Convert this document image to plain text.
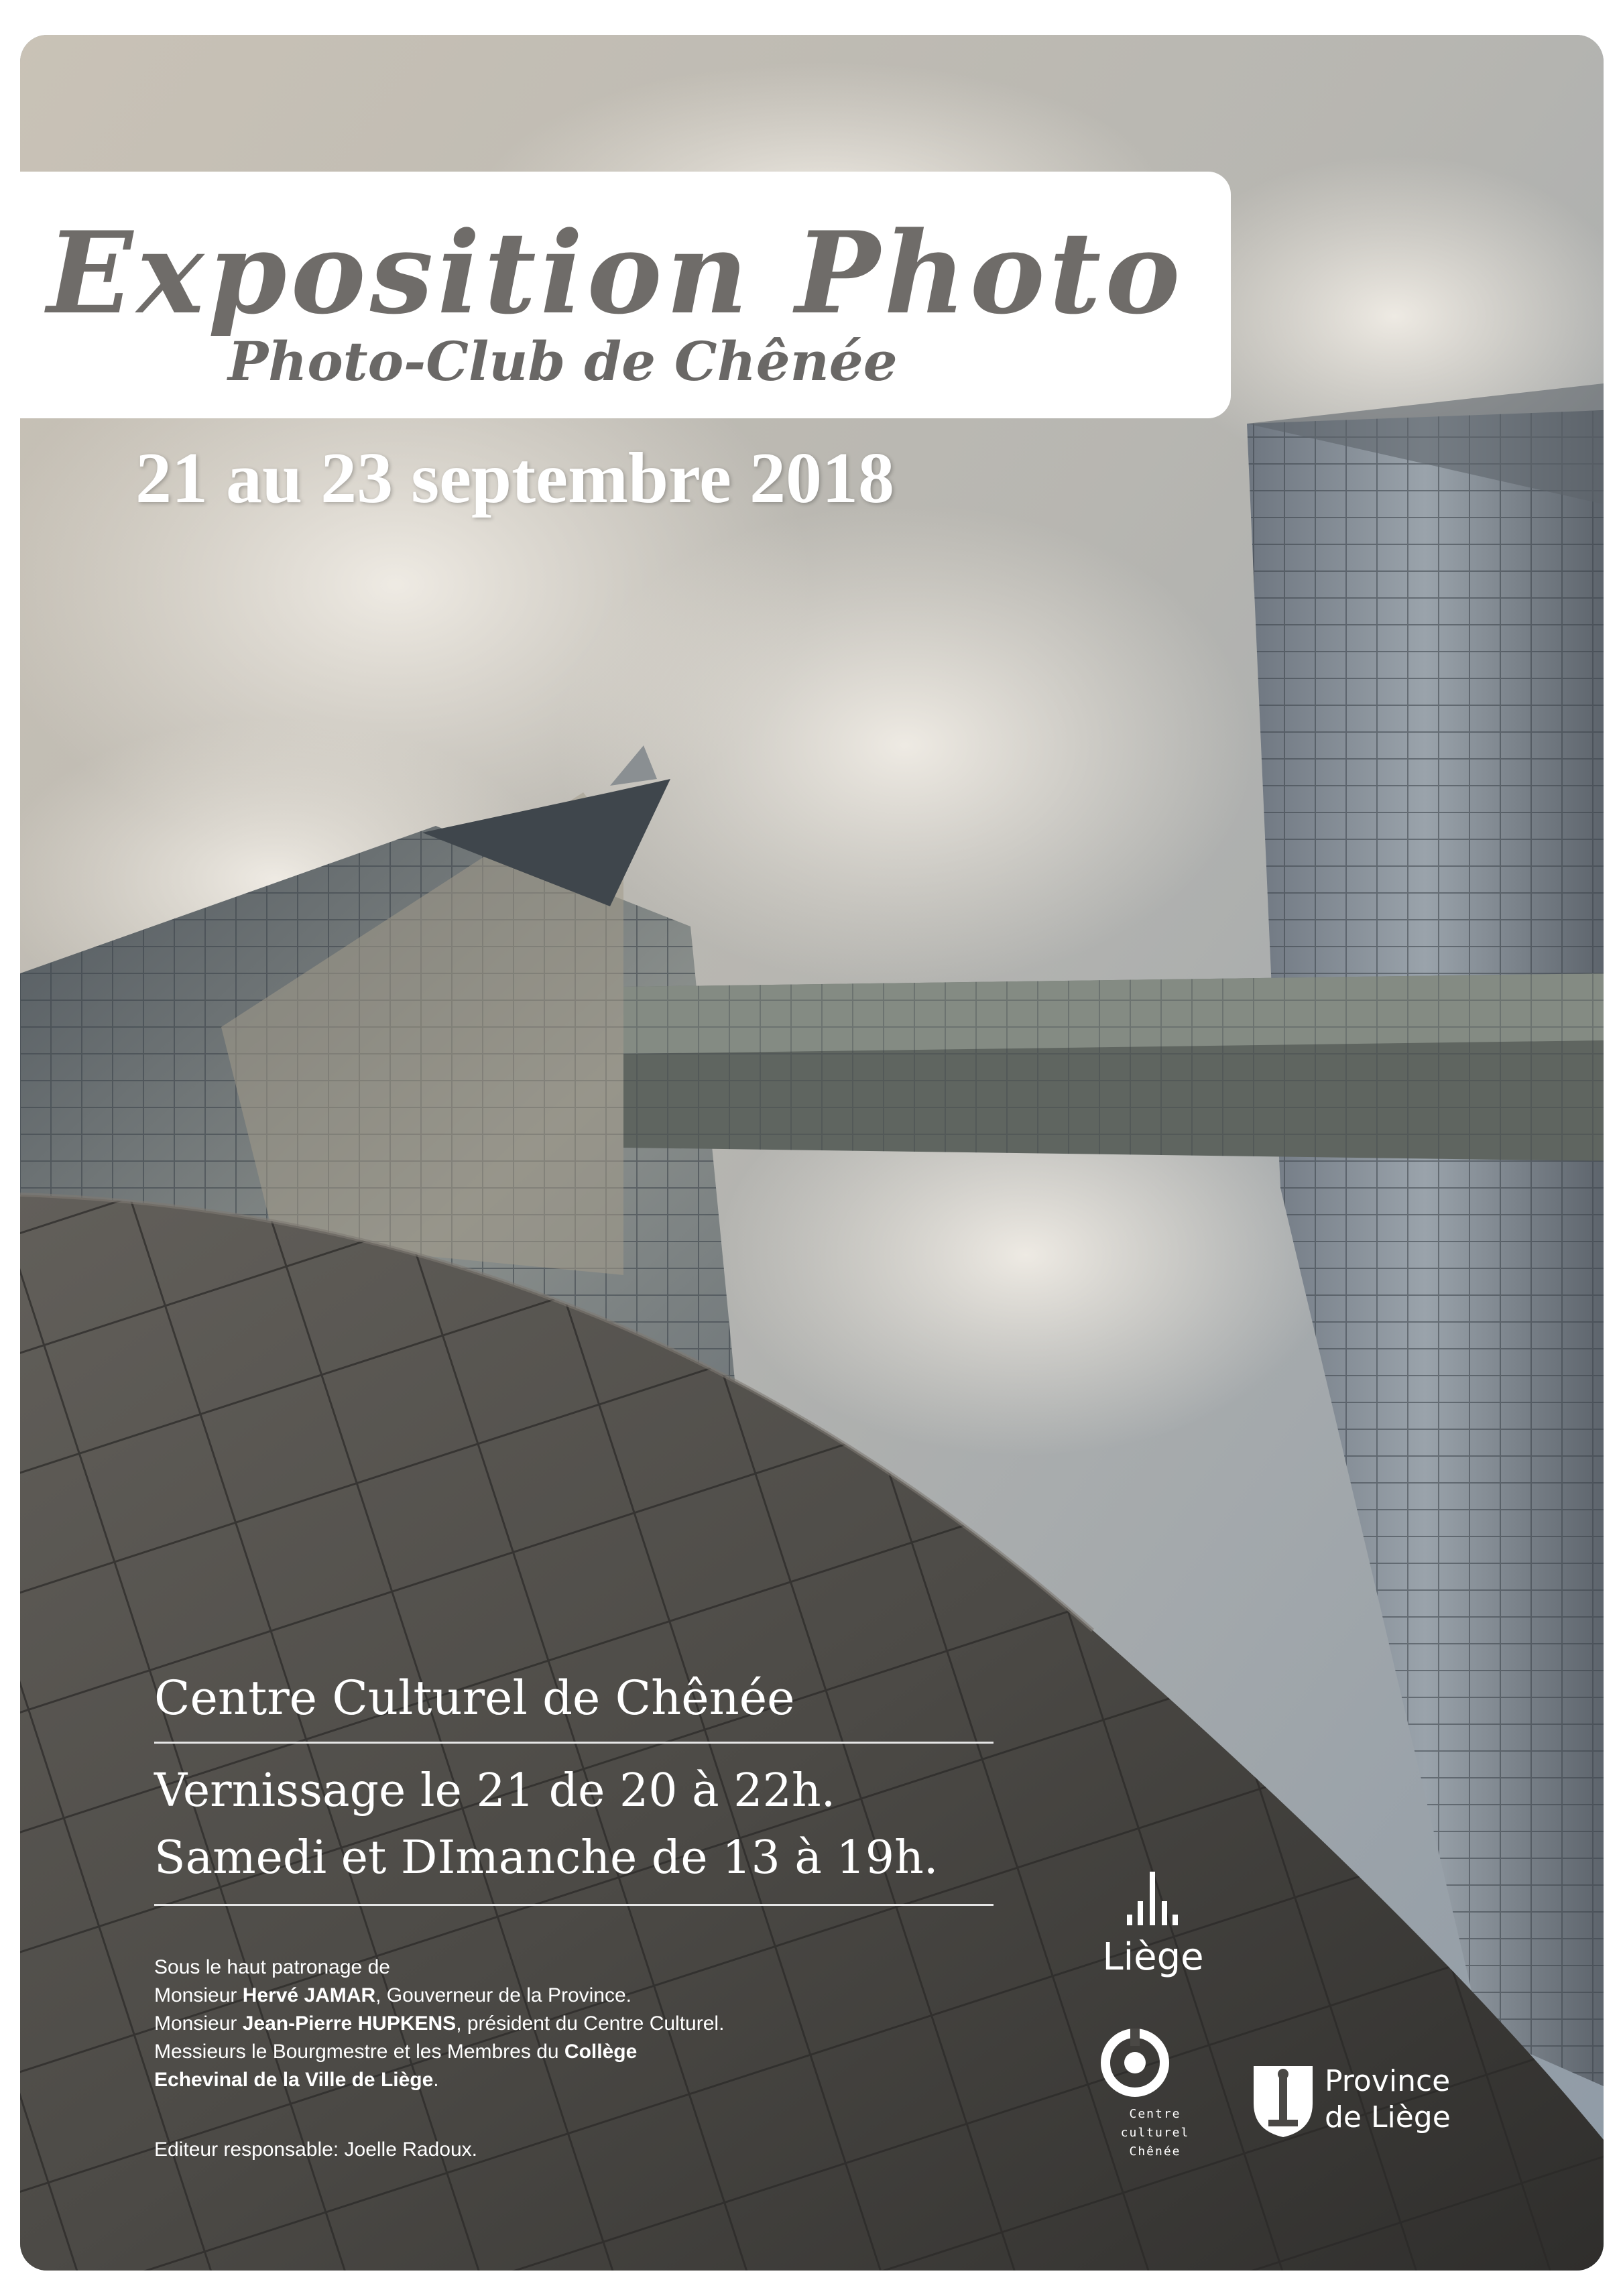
Exposition Photo
Photo-Club de Chênée

21 au 23 septembre 2018

Centre Culturel de Chênée

Vernissage le 21 de 20 à 22h.

Samedi et DImanche de 13 à 19h.

Sous le haut patronage de

Monsieur Hervé JAMAR, Gouverneur de la Province.

Monsieur Jean-Pierre HUPKENS, président du Centre Culturel.

Messieurs le Bourgmestre et les Membres du Collège

Echevinal de la Ville de Liège.

Editeur responsable: Joelle Radoux.

Liège
Centre
culturel
Chênée
Province
de Liège
